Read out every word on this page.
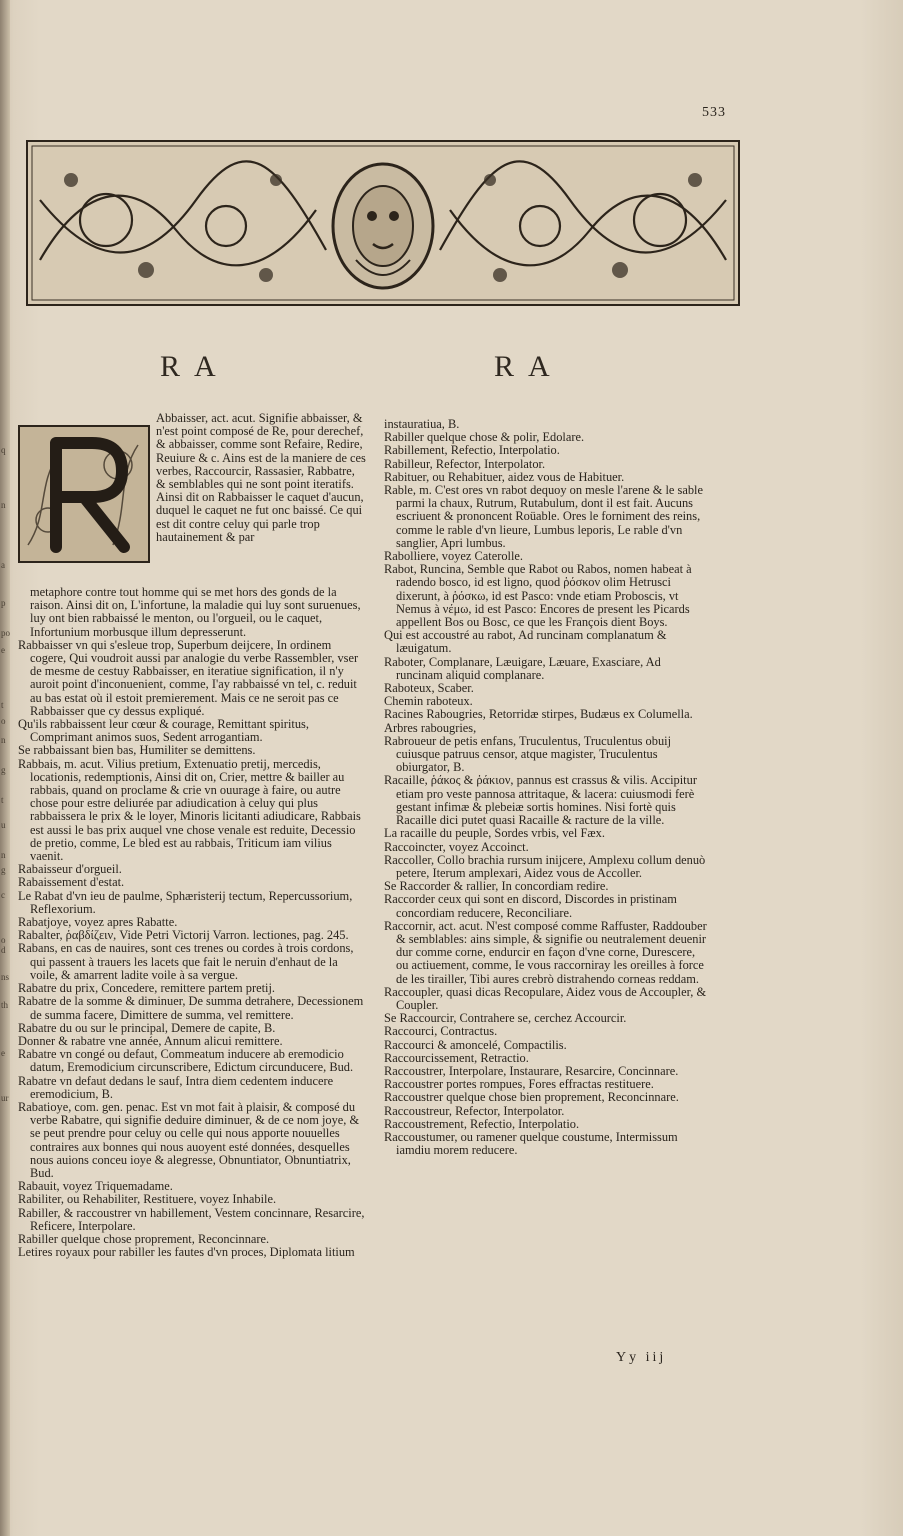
q
n
a
p
po
e
t
o
n
g
t
u
n
g
c
o
d
ns
th
e
ur
533
RA	RA

Abbaisser, act. acut. Signifie abbaisser, & n'est point composé de Re, pour derechef, & abbaisser, comme sont Refaire, Redire, Reuiure & c. Ains est de la maniere de ces verbes, Raccourcir, Rassasier, Rabbatre, & semblables qui ne sont point iteratifs. Ainsi dit on Rabbaisser le caquet d'aucun, duquel le caquet ne fut onc baissé. Ce qui est dit contre celuy qui parle trop hautainement & par

metaphore contre tout homme qui se met hors des gonds de la raison. Ainsi dit on, L'infortune, la maladie qui luy sont suruenues, luy ont bien rabbaissé le menton, ou l'orgueil, ou le caquet, Infortunium morbusque illum depresserunt.

Rabbaisser vn qui s'esleue trop, Superbum deijcere, In ordinem cogere, Qui voudroit aussi par analogie du verbe Rassembler, vser de mesme de cestuy Rabbaisser, en iteratiue signification, il n'y auroit point d'inconuenient, comme, I'ay rabbaissé vn tel, c. reduit au bas estat où il estoit premierement. Mais ce ne seroit pas ce Rabbaisser que cy dessus expliqué.

Qu'ils rabbaissent leur cœur & courage, Remittant spiritus, Comprimant animos suos, Sedent arrogantiam.

Se rabbaissant bien bas, Humiliter se demittens.

Rabbais, m. acut. Vilius pretium, Extenuatio pretij, mercedis, locationis, redemptionis, Ainsi dit on, Crier, mettre & bailler au rabbais, quand on proclame & crie vn ouurage à faire, ou autre chose pour estre deliurée par adiudication à celuy qui plus rabbaissera le prix & le loyer, Minoris licitanti adiudicare, Rabbais est aussi le bas prix auquel vne chose venale est reduite, Decessio de pretio, comme, Le bled est au rabbais, Triticum iam vilius vaenit.

Rabaisseur d'orgueil.

Rabaissement d'estat.

Le Rabat d'vn ieu de paulme, Sphæristerij tectum, Repercussorium, Reflexorium.

Rabatjoye, voyez apres Rabatte.

Rabalter, ῥαβδίζειν, Vide Petri Victorij Varron. lectiones, pag. 245.

Rabans, en cas de nauires, sont ces trenes ou cordes à trois cordons, qui passent à trauers les lacets que fait le neruin d'enhaut de la voile, & amarrent ladite voile à sa vergue.

Rabatre du prix, Concedere, remittere partem pretij.

Rabatre de la somme & diminuer, De summa detrahere, Decessionem de summa facere, Dimittere de summa, vel remittere.

Rabatre du ou sur le principal, Demere de capite, B.

Donner & rabatre vne année, Annum alicui remittere.

Rabatre vn congé ou defaut, Commeatum inducere ab eremodicio datum, Eremodicium circunscribere, Edictum circunducere, Bud.

Rabatre vn defaut dedans le sauf, Intra diem cedentem inducere eremodicium, B.

Rabatioye, com. gen. penac. Est vn mot fait à plaisir, & composé du verbe Rabatre, qui signifie deduire diminuer, & de ce nom joye, & se peut prendre pour celuy ou celle qui nous apporte nouuelles contraires aux bonnes qui nous auoyent esté données, desquelles nous auions conceu ioye & alegresse, Obnuntiator, Obnuntiatrix, Bud.

Rabauit, voyez Triquemadame.

Rabiliter, ou Rehabiliter, Restituere, voyez Inhabile.

Rabiller, & raccoustrer vn habillement, Vestem concinnare, Resarcire, Reficere, Interpolare.

Rabiller quelque chose proprement, Reconcinnare.

Letires royaux pour rabiller les fautes d'vn proces, Diplomata litium

instauratiua, B.

Rabiller quelque chose & polir, Edolare.

Rabillement, Refectio, Interpolatio.

Rabilleur, Refector, Interpolator.

Rabituer, ou Rehabituer, aidez vous de Habituer.

Rable, m. C'est ores vn rabot dequoy on mesle l'arene & le sable parmi la chaux, Rutrum, Rutabulum, dont il est fait. Aucuns escriuent & prononcent Roüable. Ores le forniment des reins, comme le rable d'vn lieure, Lumbus leporis, Le rable d'vn sanglier, Apri lumbus.

Rabolliere, voyez Caterolle.

Rabot, Runcina, Semble que Rabot ou Rabos, nomen habeat à radendo bosco, id est ligno, quod ῥόσκον olim Hetrusci dixerunt, à ῥόσκω, id est Pasco: vnde etiam Proboscis, vt Nemus à νέμω, id est Pasco: Encores de present les Picards appellent Bos ou Bosc, ce que les François dient Boys.

Qui est accoustré au rabot, Ad runcinam complanatum & læuigatum.

Raboter, Complanare, Læuigare, Læuare, Exasciare, Ad runcinam aliquid complanare.

Raboteux, Scaber.

Chemin raboteux.

Racines Rabougries, Retorridæ stirpes, Budæus ex Columella.

Arbres rabougries,

Rabroueur de petis enfans, Truculentus, Truculentus obuij cuiusque patruus censor, atque magister, Truculentus obiurgator, B.

Racaille, ῥάκος & ῥάκιον, pannus est crassus & vilis. Accipitur etiam pro veste pannosa attritaque, & lacera: cuiusmodi ferè gestant infimæ & plebeiæ sortis homines. Nisi fortè quis Racaille dici putet quasi Racaille & racture de la ville.

La racaille du peuple, Sordes vrbis, vel Fæx.

Raccoincter, voyez Accoinct.

Raccoller, Collo brachia rursum inijcere, Amplexu collum denuò petere, Iterum amplexari, Aidez vous de Accoller.

Se Raccorder & rallier, In concordiam redire.

Raccorder ceux qui sont en discord, Discordes in pristinam concordiam reducere, Reconciliare.

Raccornir, act. acut. N'est composé comme Raffuster, Raddouber & semblables: ains simple, & signifie ou neutralement deuenir dur comme corne, endurcir en façon d'vne corne, Durescere, ou actiuement, comme, Ie vous raccorniray les oreilles à force de les tirailler, Tibi aures crebrò distrahendo corneas reddam.

Raccoupler, quasi dicas Recopulare, Aidez vous de Accoupler, & Coupler.

Se Raccourcir, Contrahere se, cerchez Accourcir.

Raccourci, Contractus.

Raccourci & amoncelé, Compactilis.

Raccourcissement, Retractio.

Raccoustrer, Interpolare, Instaurare, Resarcire, Concinnare.

Raccoustrer portes rompues, Fores effractas restituere.

Raccoustrer quelque chose bien proprement, Reconcinnare.

Raccoustreur, Refector, Interpolator.

Raccoustrement, Refectio, Interpolatio.

Raccoustumer, ou ramener quelque coustume, Intermissum iamdiu morem reducere.

Yy iij
